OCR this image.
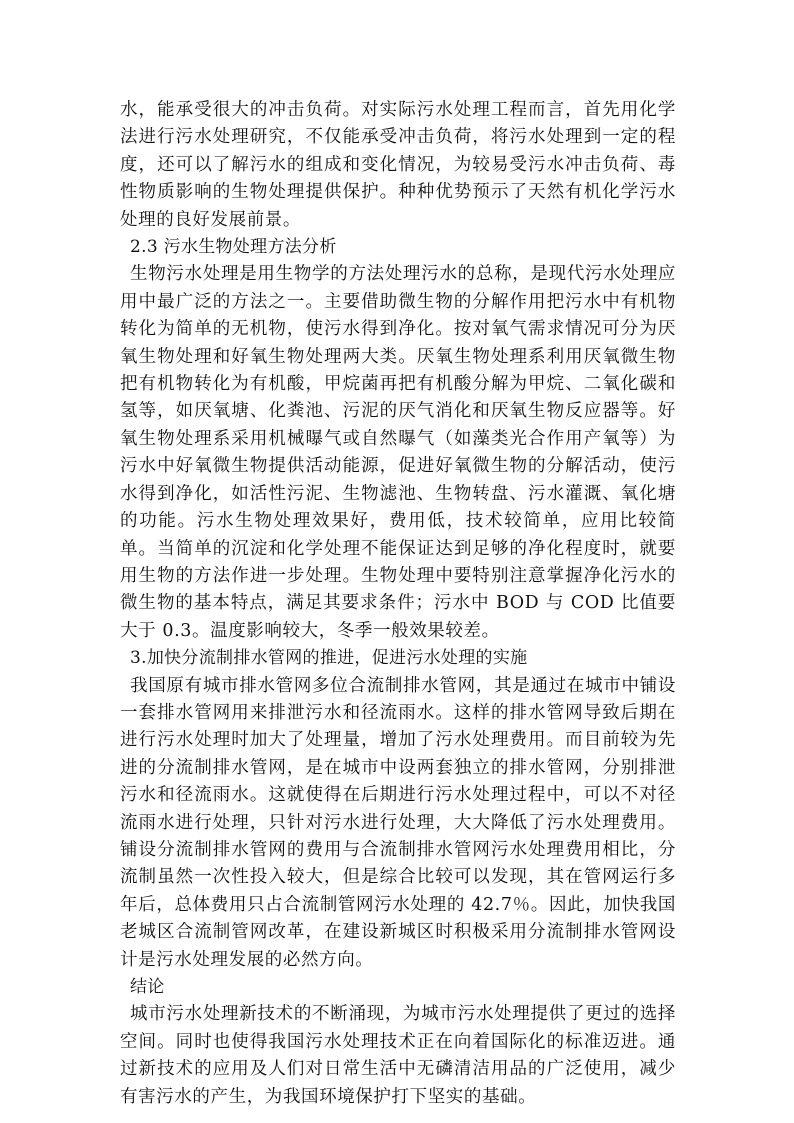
水，能承受很大的冲击负荷。对实际污水处理工程而言，首先用化学法进行污水处理研究，不仅能承受冲击负荷，将污水处理到一定的程度，还可以了解污水的组成和变化情况，为较易受污水冲击负荷、毒性物质影响的生物处理提供保护。种种优势预示了天然有机化学污水处理的良好发展前景。

2.3 污水生物处理方法分析

生物污水处理是用生物学的方法处理污水的总称，是现代污水处理应用中最广泛的方法之一。主要借助微生物的分解作用把污水中有机物转化为简单的无机物，使污水得到净化。按对氧气需求情况可分为厌氧生物处理和好氧生物处理两大类。厌氧生物处理系利用厌氧微生物把有机物转化为有机酸，甲烷菌再把有机酸分解为甲烷、二氧化碳和氢等，如厌氧塘、化粪池、污泥的厌气消化和厌氧生物反应器等。好氧生物处理系采用机械曝气或自然曝气（如藻类光合作用产氧等）为污水中好氧微生物提供活动能源，促进好氧微生物的分解活动，使污水得到净化，如活性污泥、生物滤池、生物转盘、污水灌溉、氧化塘的功能。污水生物处理效果好，费用低，技术较简单，应用比较简单。当简单的沉淀和化学处理不能保证达到足够的净化程度时，就要用生物的方法作进一步处理。生物处理中要特别注意掌握净化污水的微生物的基本特点，满足其要求条件；污水中 BOD 与 COD 比值要大于 0.3。温度影响较大，冬季一般效果较差。

3.加快分流制排水管网的推进，促进污水处理的实施

我国原有城市排水管网多位合流制排水管网，其是通过在城市中铺设一套排水管网用来排泄污水和径流雨水。这样的排水管网导致后期在进行污水处理时加大了处理量，增加了污水处理费用。而目前较为先进的分流制排水管网，是在城市中设两套独立的排水管网，分别排泄污水和径流雨水。这就使得在后期进行污水处理过程中，可以不对径流雨水进行处理，只针对污水进行处理，大大降低了污水处理费用。铺设分流制排水管网的费用与合流制排水管网污水处理费用相比，分流制虽然一次性投入较大，但是综合比较可以发现，其在管网运行多年后，总体费用只占合流制管网污水处理的 42.7％。因此，加快我国老城区合流制管网改革，在建设新城区时积极采用分流制排水管网设计是污水处理发展的必然方向。

结论

城市污水处理新技术的不断涌现，为城市污水处理提供了更过的选择空间。同时也使得我国污水处理技术正在向着国际化的标准迈进。通过新技术的应用及人们对日常生活中无磷清洁用品的广泛使用，减少有害污水的产生，为我国环境保护打下坚实的基础。
